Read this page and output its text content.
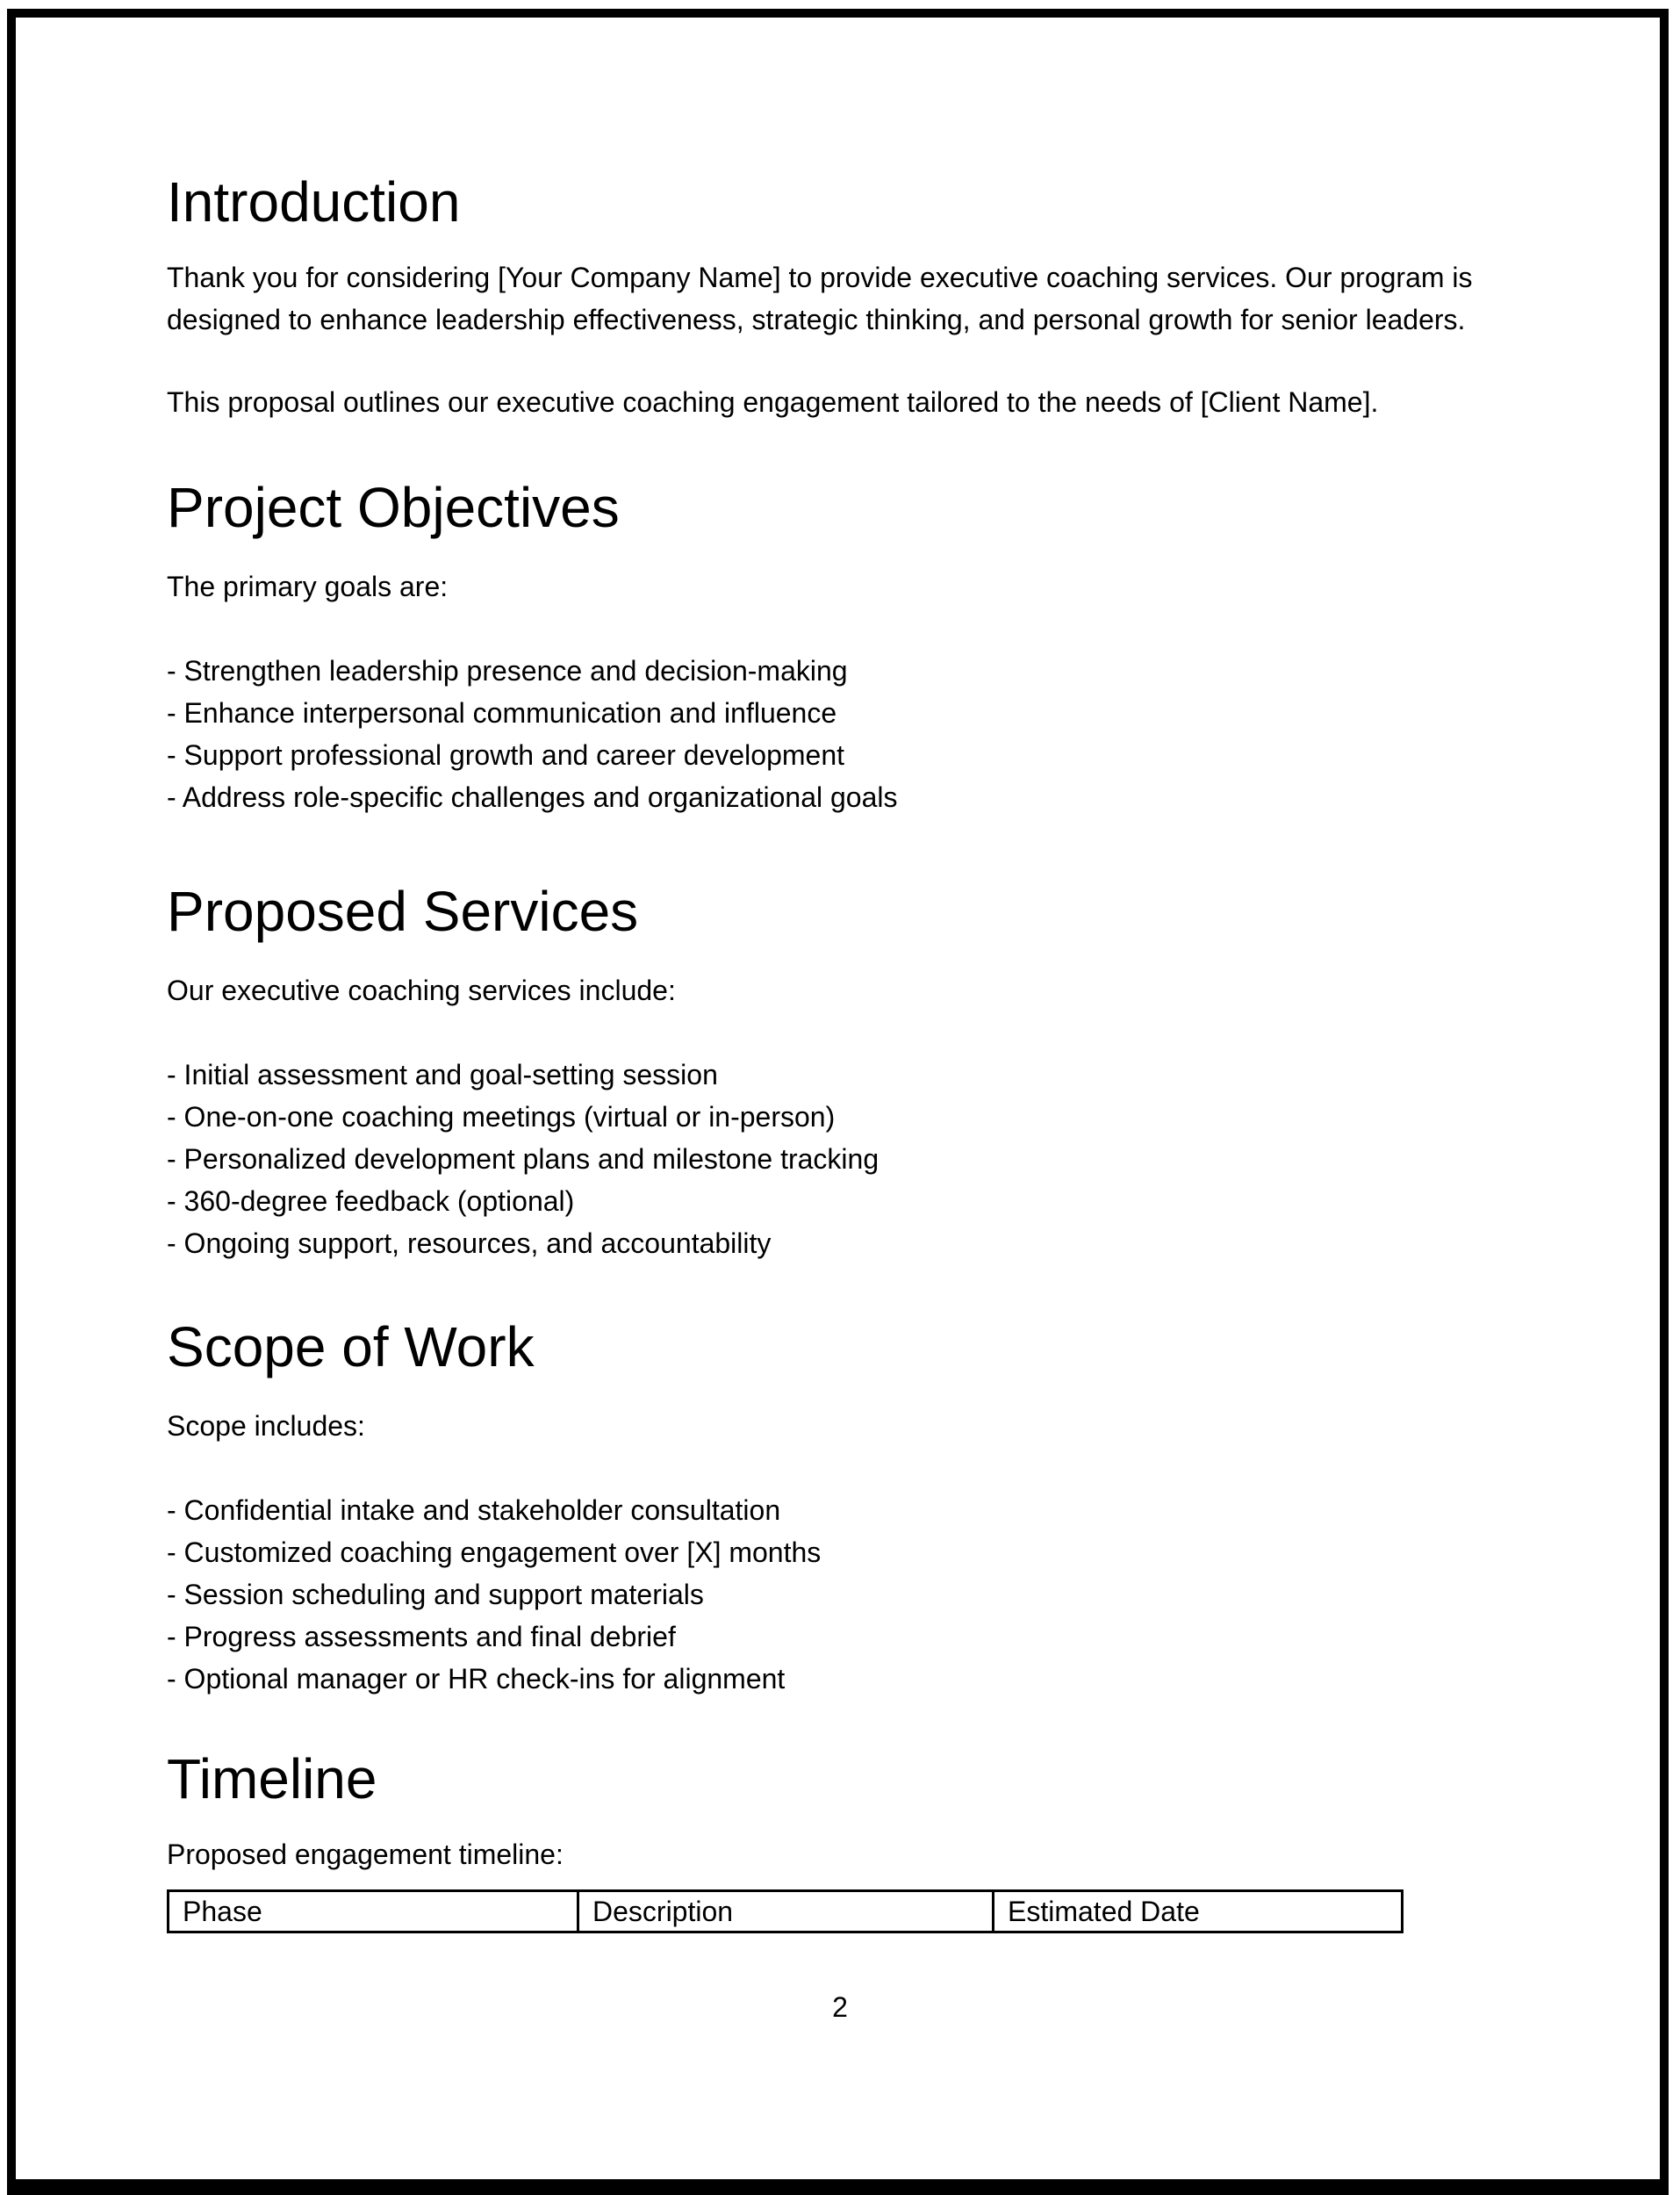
Introduction

Thank you for considering [Your Company Name] to provide executive coaching services. Our program is designed to enhance leadership effectiveness, strategic thinking, and personal growth for senior leaders.

This proposal outlines our executive coaching engagement tailored to the needs of [Client Name].

Project Objectives

The primary goals are:

- Strengthen leadership presence and decision-making

- Enhance interpersonal communication and influence

- Support professional growth and career development

- Address role-specific challenges and organizational goals

Proposed Services

Our executive coaching services include:

- Initial assessment and goal-setting session

- One-on-one coaching meetings (virtual or in-person)

- Personalized development plans and milestone tracking

- 360-degree feedback (optional)

- Ongoing support, resources, and accountability

Scope of Work

Scope includes:

- Confidential intake and stakeholder consultation

- Customized coaching engagement over [X] months

- Session scheduling and support materials

- Progress assessments and final debrief

- Optional manager or HR check-ins for alignment

Timeline

Proposed engagement timeline:

Phase	Description	Estimated Date
2
